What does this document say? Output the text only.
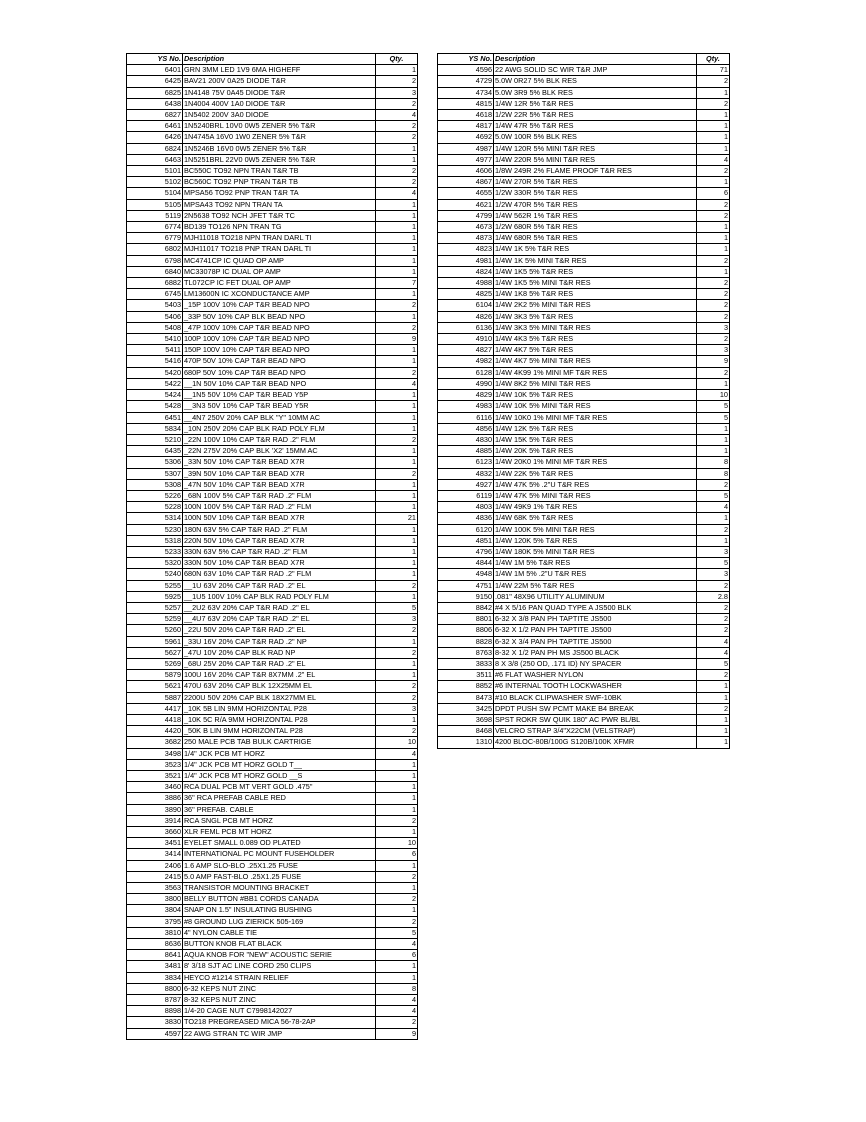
YS No.	Description	Qty.
6401	GRN 3MM LED 1V9 6MA HIGHEFF	1
6425	BAV21 200V 0A25 DIODE T&R	2
6825	1N4148 75V 0A45 DIODE T&R	3
6438	1N4004 400V 1A0 DIODE T&R	2
6827	1N5402 200V 3A0 DIODE	4
6461	1N5240BRL 10V0 0W5 ZENER 5% T&R	2
6426	1N4745A 16V0 1W0 ZENER 5% T&R	2
6824	1N5246B 16V0 0W5 ZENER 5% T&R	1
6463	1N5251BRL 22V0 0W5 ZENER 5% T&R	1
5101	BC550C TO92 NPN TRAN T&R TB	2
5102	BC560C TO92 PNP TRAN T&R TB	2
5104	MPSA56 TO92 PNP TRAN T&R TA	4
5105	MPSA43 TO92 NPN TRAN TA	1
5119	2N5638 TO92 NCH JFET T&R TC	1
6774	BD139 TO126 NPN TRAN TG	1
6779	MJH11018 TO218 NPN TRAN DARL TI	1
6802	MJH11017 TO218 PNP TRAN DARL TI	1
6798	MC4741CP IC QUAD OP AMP	1
6840	MC33078P IC DUAL OP AMP	1
6882	TL072CP IC FET DUAL OP AMP	7
6745	LM13600N IC XCONDUCTANCE AMP	1
5403	_15P 100V 10% CAP T&R BEAD NPO	2
5406	_33P 50V 10% CAP BLK BEAD NPO	1
5408	_47P 100V 10% CAP T&R BEAD NPO	2
5410	100P 100V 10% CAP T&R BEAD NPO	9
5411	150P 100V 10% CAP T&R BEAD NPO	1
5416	470P 50V 10% CAP T&R BEAD NPO	1
5420	680P 50V 10% CAP T&R BEAD NPO	2
5422	__1N 50V 10% CAP T&R BEAD NPO	4
5424	__1N5 50V 10% CAP T&R BEAD Y5P	1
5428	__3N3 50V 10% CAP T&R BEAD Y5R	1
6451	__4N7 250V 20% CAP BLK "Y" 10MM AC	1
5834	_10N 250V 20% CAP BLK RAD POLY FLM	1
5210	_22N 100V 10% CAP T&R RAD .2" FLM	2
6435	_22N 275V 20% CAP BLK 'X2' 15MM AC	1
5306	_33N 50V 10% CAP T&R BEAD X7R	1
5307	_39N 50V 10% CAP T&R BEAD X7R	2
5308	_47N 50V 10% CAP T&R BEAD X7R	1
5226	_68N 100V 5% CAP T&R RAD .2" FLM	1
5228	100N 100V 5% CAP T&R RAD .2" FLM	1
5314	100N 50V 10% CAP T&R BEAD X7R	21
5230	180N 63V 5% CAP T&R RAD .2" FLM	1
5318	220N 50V 10% CAP T&R BEAD X7R	1
5233	330N 63V 5% CAP T&R RAD .2" FLM	1
5320	330N 50V 10% CAP T&R BEAD X7R	1
5240	680N 63V 10% CAP T&R RAD .2" FLM	1
5255	__1U 63V 20% CAP T&R RAD .2" EL	2
5925	__1U5 100V 10% CAP BLK RAD POLY FLM	1
5257	__2U2 63V 20% CAP T&R RAD .2" EL	5
5259	__4U7 63V 20% CAP T&R RAD .2" EL	3
5260	_22U 50V 20% CAP T&R RAD .2" EL	2
5961	_33U 16V 20% CAP T&R RAD .2" NP	1
5627	_47U 10V 20% CAP BLK RAD NP	2
5269	_68U 25V 20% CAP T&R RAD .2" EL	1
5879	100U 16V 20% CAP T&R 8X7MM .2" EL	1
5621	470U 63V 20% CAP BLK 12X25MM EL	2
5887	2200U 50V 20% CAP BLK 18X27MM EL	2
4417	_10K 5B LIN 9MM HORIZONTAL P28	3
4418	_10K 5C R/A 9MM HORIZONTAL P28	1
4420	_50K B LIN 9MM HORIZONTAL P28	2
3682	250 MALE PCB TAB BULK CARTRIGE	10
3498	1/4" JCK PCB MT HORZ	4
3523	1/4" JCK PCB MT HORZ GOLD T__	1
3521	1/4" JCK PCB MT HORZ GOLD __S	1
3460	RCA DUAL PCB MT VERT GOLD .475"	1
3886	36" RCA PREFAB CABLE RED	1
3890	36" PREFAB. CABLE	1
3914	RCA SNGL PCB MT HORZ	2
3660	XLR FEML PCB MT HORZ	1
3451	EYELET SMALL 0.089 OD PLATED	10
3414	INTERNATIONAL PC MOUNT FUSEHOLDER	6
2406	1.6 AMP SLO-BLO .25X1.25 FUSE	1
2415	5.0 AMP FAST-BLO .25X1.25 FUSE	2
3563	TRANSISTOR MOUNTING BRACKET	1
3800	BELLY BUTTON #BB1 CORDS CANADA	2
3804	SNAP ON 1.5" INSULATING BUSHING	1
3795	#8 GROUND LUG ZIERICK 505-169	2
3810	4" NYLON CABLE TIE	5
8636	BUTTON KNOB FLAT BLACK	4
8641	AQUA KNOB FOR "NEW" ACOUSTIC SERIE	6
3481	8' 3/18 SJT AC LINE CORD 250 CLIPS	1
3834	HEYCO #1214 STRAIN RELIEF	1
8800	6-32 KEPS NUT ZINC	8
8787	8-32 KEPS NUT ZINC	4
8898	1/4-20 CAGE NUT C7998142027	4
3830	TO218 PREGREASED MICA 56-78-2AP	2
4597	22 AWG STRAN TC WIR JMP	9
YS No.	Description	Qty.
4596	22 AWG SOLID SC WIR T&R JMP	71
4729	5.0W 0R27 5% BLK RES	2
4734	5.0W 3R9 5% BLK RES	1
4815	1/4W 12R 5% T&R RES	2
4618	1/2W 22R 5% T&R RES	1
4817	1/4W 47R 5% T&R RES	1
4692	5.0W 100R 5% BLK RES	1
4987	1/4W 120R 5% MINI T&R RES	1
4977	1/4W 220R 5% MINI T&R RES	4
4606	1/8W 249R 2% FLAME PROOF T&R RES	2
4867	1/4W 270R 5% T&R RES	1
4655	1/2W 330R 5% T&R RES	6
4621	1/2W 470R 5% T&R RES	2
4799	1/4W 562R 1% T&R RES	2
4673	1/2W 680R 5% T&R RES	1
4873	1/4W 680R 5% T&R RES	1
4823	1/4W 1K 5% T&R RES	1
4981	1/4W 1K 5% MINI T&R RES	2
4824	1/4W 1K5 5% T&R RES	1
4988	1/4W 1K5 5% MINI T&R RES	2
4825	1/4W 1K8 5% T&R RES	2
6104	1/4W 2K2 5% MINI T&R RES	2
4826	1/4W 3K3 5% T&R RES	2
6136	1/4W 3K3 5% MINI T&R RES	3
4910	1/4W 4K3 5% T&R RES	2
4827	1/4W 4K7 5% T&R RES	3
4982	1/4W 4K7 5% MINI T&R RES	9
6128	1/4W 4K99 1% MINI MF T&R RES	2
4990	1/4W 8K2 5% MINI T&R RES	1
4829	1/4W 10K 5% T&R RES	10
4983	1/4W 10K 5% MINI T&R RES	5
6116	1/4W 10K0 1% MINI MF T&R RES	5
4856	1/4W 12K 5% T&R RES	1
4830	1/4W 15K 5% T&R RES	1
4885	1/4W 20K 5% T&R RES	1
6123	1/4W 20K0 1% MINI MF T&R RES	8
4832	1/4W 22K 5% T&R RES	8
4927	1/4W 47K 5% .2"U T&R RES	2
6119	1/4W 47K 5% MINI T&R RES	5
4803	1/4W 49K9 1% T&R RES	4
4836	1/4W 68K 5% T&R RES	1
6120	1/4W 100K 5% MINI T&R RES	2
4851	1/4W 120K 5% T&R RES	1
4796	1/4W 180K 5% MINI T&R RES	3
4844	1/4W 1M 5% T&R RES	5
4948	1/4W 1M 5% .2"U T&R RES	3
4751	1/4W 22M 5% T&R RES	2
9150	.081" 48X96 UTILITY ALUMINUM	2.8
8842	#4 X 5/16 PAN QUAD TYPE A JS500 BLK	2
8801	6-32 X 3/8 PAN PH TAPTITE JS500	2
8806	6-32 X 1/2 PAN PH TAPTITE JS500	2
8828	6-32 X 3/4 PAN PH TAPTITE JS500	4
8763	8-32 X 1/2 PAN PH MS JS500 BLACK	4
3833	8 X 3/8 (250 OD, .171 ID) NY SPACER	5
3511	#6 FLAT WASHER NYLON	2
8852	#6 INTERNAL TOOTH LOCKWASHER	1
8473	#10 BLACK CLIPWASHER SWF-10BK	1
3425	DPDT PUSH SW PCMT MAKE B4 BREAK	2
3698	SPST ROKR SW QUIK 180" AC PWR BL/BL	1
8468	VELCRO STRAP 3/4"X22CM (VELSTRAP)	1
1310	4200 BLOC-80B/100G S120B/100K XFMR	1
